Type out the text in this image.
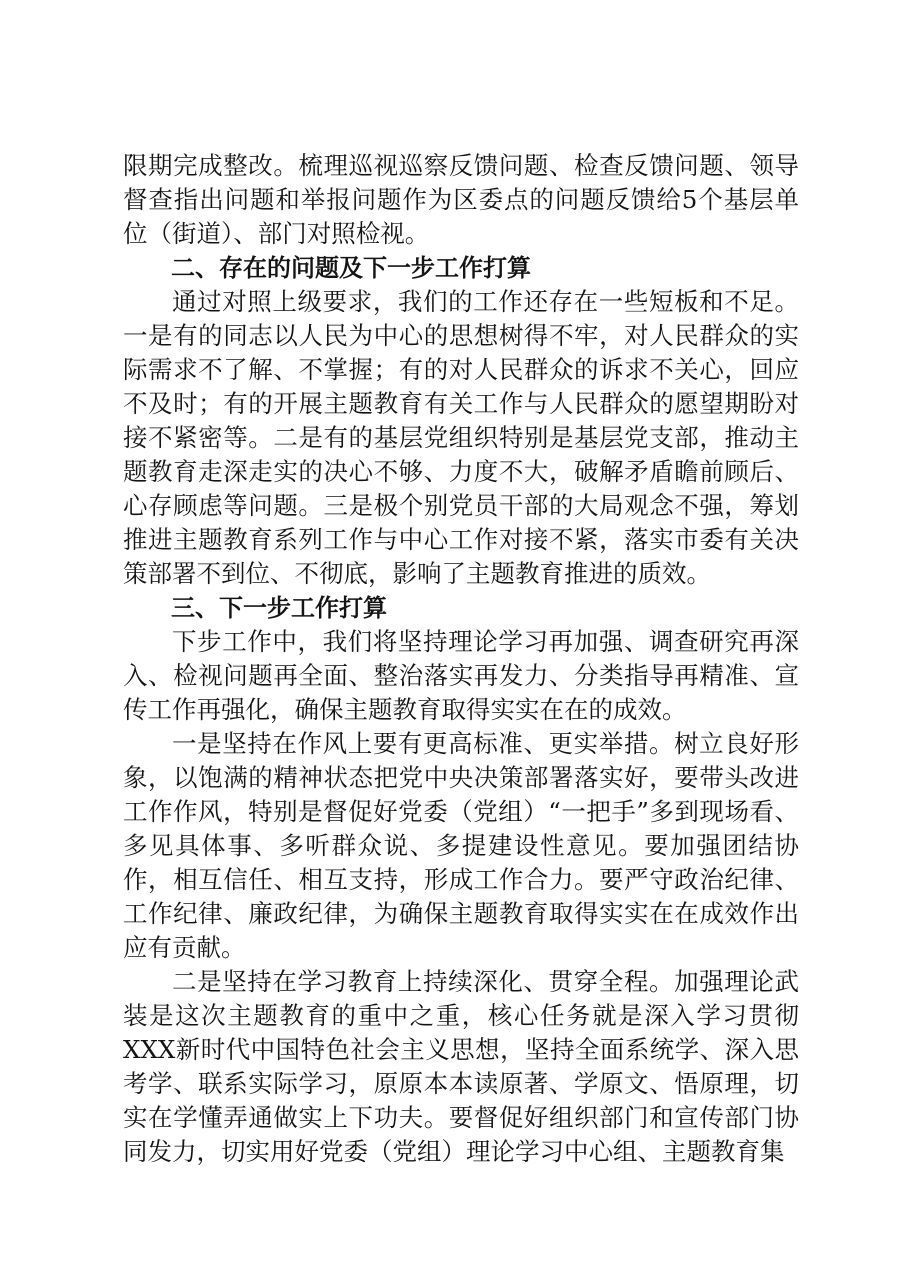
限期完成整改。梳理巡视巡察反馈问题、检查反馈问题、领导督查指出问题和举报问题作为区委点的问题反馈给5个基层单位（街道）、部门对照检视。

二、存在的问题及下一步工作打算

通过对照上级要求，我们的工作还存在一些短板和不足。一是有的同志以人民为中心的思想树得不牢，对人民群众的实际需求不了解、不掌握；有的对人民群众的诉求不关心，回应不及时；有的开展主题教育有关工作与人民群众的愿望期盼对接不紧密等。二是有的基层党组织特别是基层党支部，推动主题教育走深走实的决心不够、力度不大，破解矛盾瞻前顾后、心存顾虑等问题。三是极个别党员干部的大局观念不强，筹划推进主题教育系列工作与中心工作对接不紧，落实市委有关决策部署不到位、不彻底，影响了主题教育推进的质效。

三、下一步工作打算

下步工作中，我们将坚持理论学习再加强、调查研究再深入、检视问题再全面、整治落实再发力、分类指导再精准、宣传工作再强化，确保主题教育取得实实在在的成效。

一是坚持在作风上要有更高标准、更实举措。树立良好形象，以饱满的精神状态把党中央决策部署落实好，要带头改进工作作风，特别是督促好党委（党组）“一把手”多到现场看、多见具体事、多听群众说、多提建设性意见。要加强团结协作，相互信任、相互支持，形成工作合力。要严守政治纪律、工作纪律、廉政纪律，为确保主题教育取得实实在在成效作出应有贡献。

二是坚持在学习教育上持续深化、贯穿全程。加强理论武装是这次主题教育的重中之重，核心任务就是深入学习贯彻XXX新时代中国特色社会主义思想，坚持全面系统学、深入思考学、联系实际学习，原原本本读原著、学原文、悟原理，切实在学懂弄通做实上下功夫。要督促好组织部门和宣传部门协同发力，切实用好党委（党组）理论学习中心组、主题教育集
